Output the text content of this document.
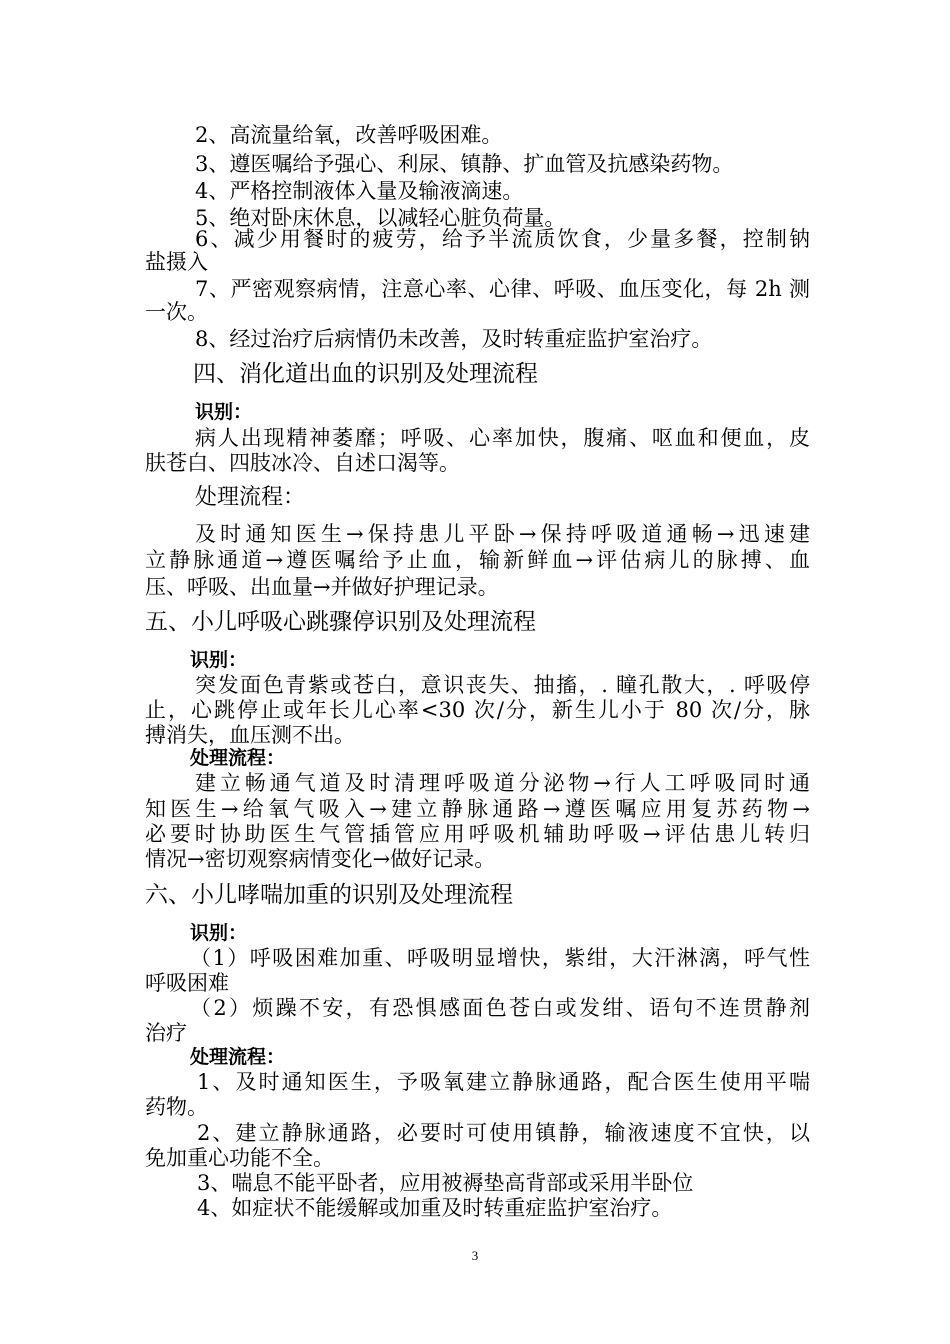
2、高流量给氧，改善呼吸困难。
3、遵医嘱给予强心、利尿、镇静、扩血管及抗感染药物。
4、严格控制液体入量及输液滴速。
5、绝对卧床休息，以减轻心脏负荷量。
6、减少用餐时的疲劳，给予半流质饮食，少量多餐，控制钠
盐摄入
7、严密观察病情，注意心率、心律、呼吸、血压变化，每 2h 测
一次。
8、经过治疗后病情仍未改善，及时转重症监护室治疗。
四、消化道出血的识别及处理流程
识别：
病人出现精神萎靡；呼吸、心率加快，腹痛、呕血和便血，皮
肤苍白、四肢冰冷、自述口渴等。
处理流程：
及时通知医生→保持患儿平卧→保持呼吸道通畅→迅速建
立静脉通道→遵医嘱给予止血，输新鲜血→评估病儿的脉搏、血
压、呼吸、出血量→并做好护理记录。
五、小儿呼吸心跳骤停识别及处理流程
识别：
突发面色青紫或苍白，意识丧失、抽搐，. 瞳孔散大，. 呼吸停
止，心跳停止或年长儿心率<30 次/分，新生儿小于 80 次/分，脉
搏消失，血压测不出。
处理流程：
建立畅通气道及时清理呼吸道分泌物→行人工呼吸同时通
知医生→给氧气吸入→建立静脉通路→遵医嘱应用复苏药物→
必要时协助医生气管插管应用呼吸机辅助呼吸→评估患儿转归
情况→密切观察病情变化→做好记录。
六、小儿哮喘加重的识别及处理流程
识别：
（1）呼吸困难加重、呼吸明显增快，紫绀，大汗淋漓，呼气性
呼吸困难
（2）烦躁不安，有恐惧感面色苍白或发绀、语句不连贯静剂
治疗
处理流程：
1、及时通知医生，予吸氧建立静脉通路，配合医生使用平喘
药物。
2、建立静脉通路，必要时可使用镇静，输液速度不宜快，以
免加重心功能不全。
3、喘息不能平卧者，应用被褥垫高背部或采用半卧位
4、如症状不能缓解或加重及时转重症监护室治疗。
3
